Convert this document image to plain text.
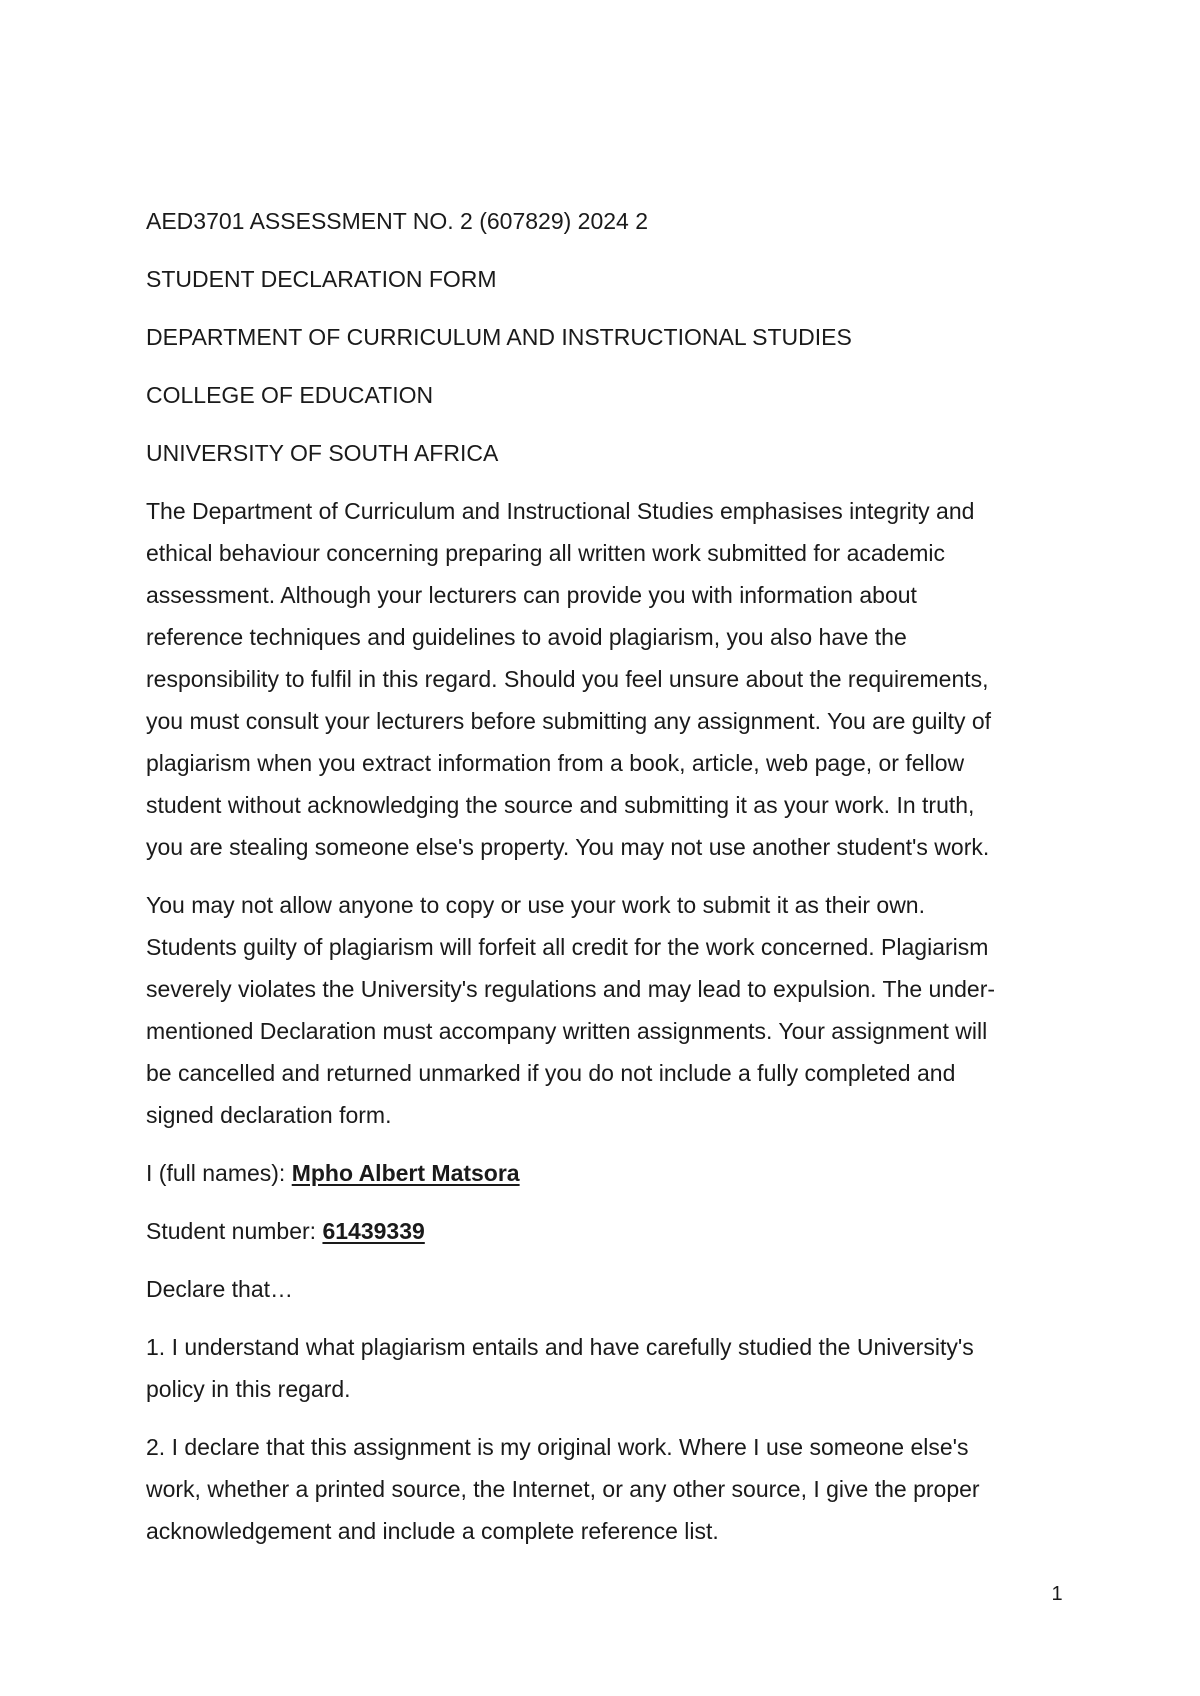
AED3701 ASSESSMENT NO. 2 (607829) 2024 2

STUDENT DECLARATION FORM

DEPARTMENT OF CURRICULUM AND INSTRUCTIONAL STUDIES

COLLEGE OF EDUCATION

UNIVERSITY OF SOUTH AFRICA

The Department of Curriculum and Instructional Studies emphasises integrity and
ethical behaviour concerning preparing all written work submitted for academic
assessment. Although your lecturers can provide you with information about
reference techniques and guidelines to avoid plagiarism, you also have the
responsibility to fulfil in this regard. Should you feel unsure about the requirements,
you must consult your lecturers before submitting any assignment. You are guilty of
plagiarism when you extract information from a book, article, web page, or fellow
student without acknowledging the source and submitting it as your work. In truth,
you are stealing someone else's property. You may not use another student's work.

You may not allow anyone to copy or use your work to submit it as their own.
Students guilty of plagiarism will forfeit all credit for the work concerned. Plagiarism
severely violates the University's regulations and may lead to expulsion. The under-
mentioned Declaration must accompany written assignments. Your assignment will
be cancelled and returned unmarked if you do not include a fully completed and
signed declaration form.

I (full names): Mpho Albert Matsora

Student number: 61439339

Declare that…

1. I understand what plagiarism entails and have carefully studied the University's
policy in this regard.

2. I declare that this assignment is my original work. Where I use someone else's
work, whether a printed source, the Internet, or any other source, I give the proper
acknowledgement and include a complete reference list.

1
